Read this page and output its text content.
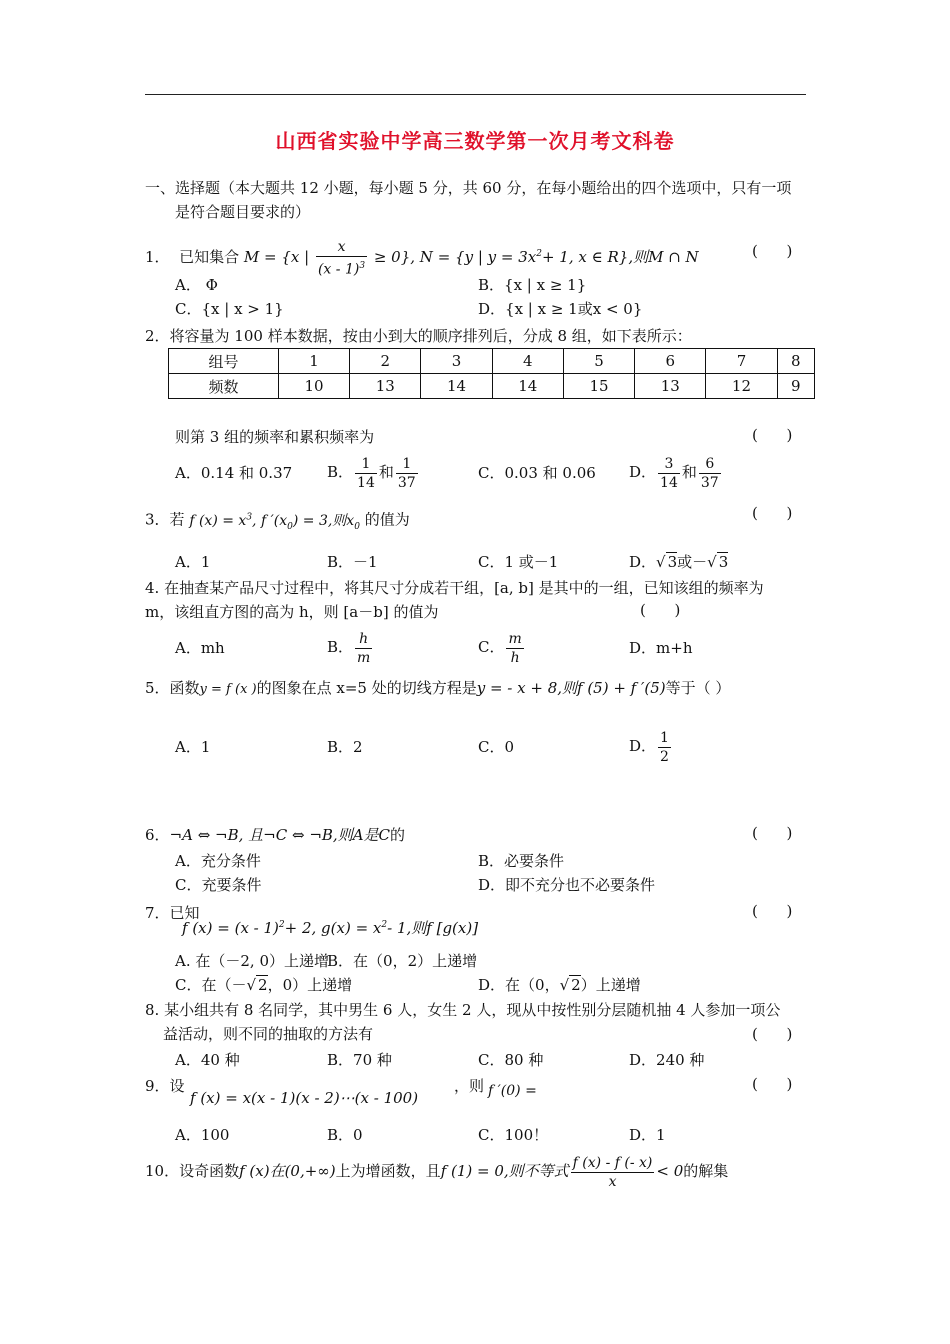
山西省实验中学高三数学第一次月考文科卷
一、选择题（本大题共 12 小题，每小题 5 分，共 60 分，在每小题给出的四个选项中，只有一项
是符合题目要求的）
1． 已知集合 M = {x | $\frac{x}{(x - 1)^3} \ge 0$}, N = {y | $y = 3x^2+ 1$, x ∈ R},则M ∩ N	(      )
A． Φ	B．{x | x ≥ 1}
C．{x | x > 1}	D．{x | x ≥ 1或x < 0}
2．将容量为 100 样本数据，按由小到大的顺序排列后，分成 8 组，如下表所示：
组号	1	2	3	4	5	6	7	8
频数	10	13	14	14	15	13	12	9
则第 3 组的频率和累积频率为	(      )
A．0.14 和 0.37 B． $\frac{1}{14}$ 和 $\frac{1}{37}$	C．0.03 和 0.06 D． $\frac{3}{14}$ 和 $\frac{6}{37}$
3．若 f $(x) = x^3$, f $'(x_0) = 3$,则$x_0$ 的值为	(      )
A．1	B．－1	C．1 或－1	D．√ 3或－√ 3
4. 在抽查某产品尺寸过程中，将其尺寸分成若干组，[a, b] 是其中的一组，已知该组的频率为
m，该组直方图的高为 h，则 [a－b] 的值为	(      )
A．mh	B． $\frac{h}{m}$	C． $\frac{m}{h}$	D．m+h
5．函数y = f (x )的图象在点 x=5 处的切线方程是y = - x + 8,则f (5) + f ′(5)等于（ ）
A．1	B．2	C．0	D． $\frac{1}{2}$
6．¬A ⇔ ¬B, 且¬C ⇔ ¬B,则A是C的	(      )
A．充分条件	B．必要条件
C．充要条件	D．即不充分也不必要条件
7．已知
f (x) = (x - 1)$^2$+ 2, $g(x) = x^2-$ 1,则f [g(x)]
(      )
A. 在（－2, 0）上递增
B．在（0，2）上递增
C．在（－√ 2，0）上递增	D．在（0，√ 2）上递增
8. 某小组共有 8 名同学，其中男生 6 人，女生 2 人，现从中按性别分层随机抽 4 人参加一项公
益活动，则不同的抽取的方法有	(      )
A．40 种	B．70 种	C．80 种	D．240 种
9．设
f (x) = x(x - 1)(x - 2)⋯(x - 100)
，则 f ′(0) =	(      )
A．100	B．0	C．100！	D．1
10．设奇函数f (x)在(0,+∞)上为增函数，且f (1) = 0,则不等式 $\frac{f (x) - f (- x)}{x} < 0$的解集
